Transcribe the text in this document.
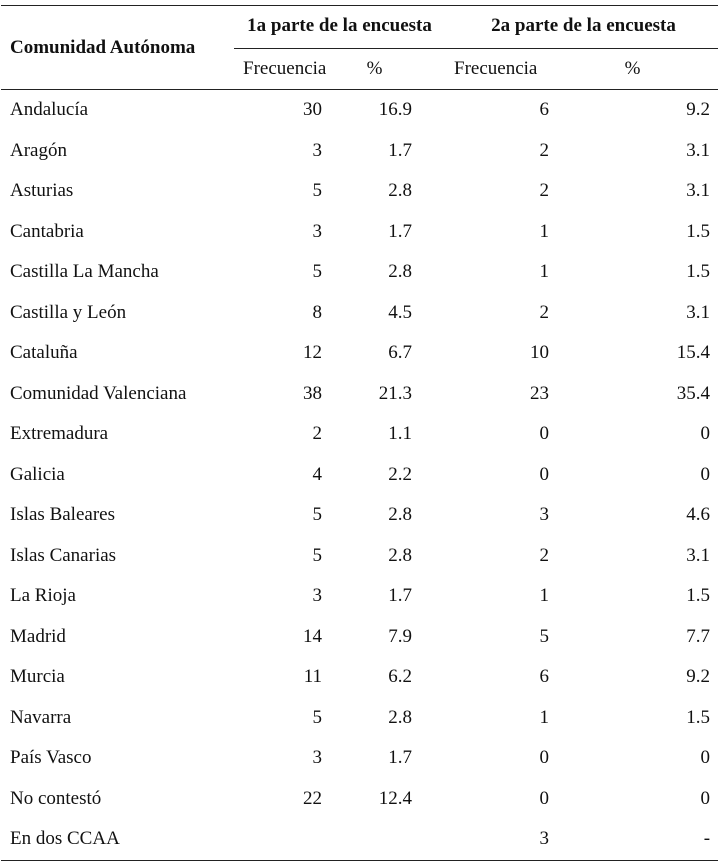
Comunidad Autónoma	1a parte de la encuesta		2a parte de la encuesta	

	Frecuencia	%	Frecuencia	%
Andalucía	30	16.9	6	9.2
Aragón	3	1.7	2	3.1
Asturias	5	2.8	2	3.1
Cantabria	3	1.7	1	1.5
Castilla La Mancha	5	2.8	1	1.5
Castilla y León	8	4.5	2	3.1
Cataluña	12	6.7	10	15.4
Comunidad Valenciana	38	21.3	23	35.4
Extremadura	2	1.1	0	0
Galicia	4	2.2	0	0
Islas Baleares	5	2.8	3	4.6
Islas Canarias	5	2.8	2	3.1
La Rioja	3	1.7	1	1.5
Madrid	14	7.9	5	7.7
Murcia	11	6.2	6	9.2
Navarra	5	2.8	1	1.5
País Vasco	3	1.7	0	0
No contestó	22	12.4	0	0
En dos CCAA			3	-
